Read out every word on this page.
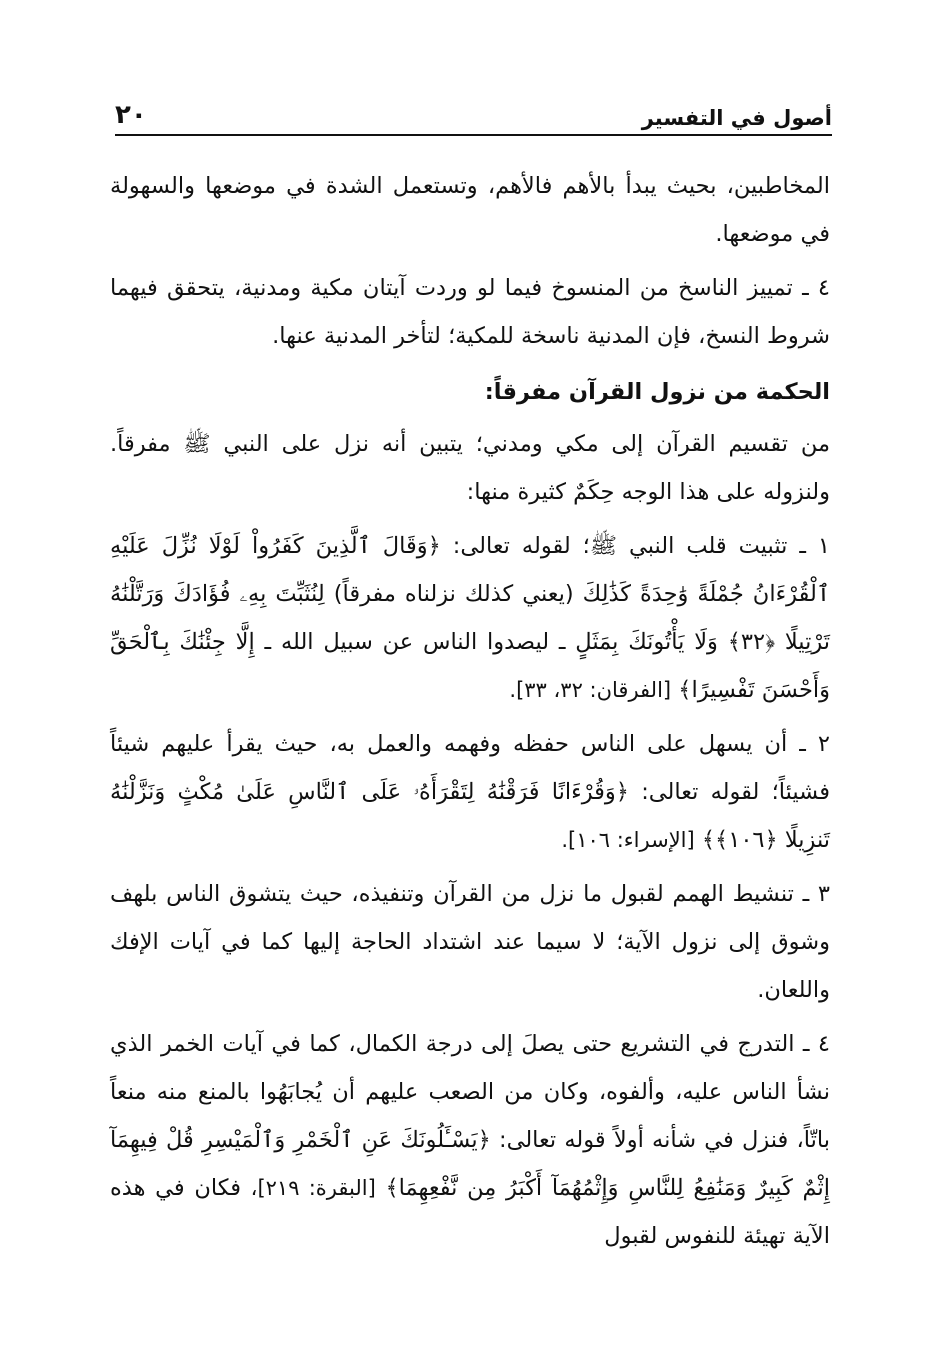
أصول في التفسير
٢٠

المخاطبين، بحيث يبدأ بالأهم فالأهم، وتستعمل الشدة في موضعها والسهولة في موضعها.

٤ ـ تمييز الناسخ من المنسوخ فيما لو وردت آيتان مكية ومدنية، يتحقق فيهما شروط النسخ، فإن المدنية ناسخة للمكية؛ لتأخر المدنية عنها.

الحكمة من نزول القرآن مفرقاً:

من تقسيم القرآن إلى مكي ومدني؛ يتبين أنه نزل على النبي ﷺ مفرقاً. ولنزوله على هذا الوجه حِكَمٌ كثيرة منها:

١ ـ تثبيت قلب النبي ﷺ؛ لقوله تعالى: ﴿وَقَالَ ٱلَّذِينَ كَفَرُواْ لَوْلَا نُزِّلَ عَلَيْهِ ٱلْقُرْءَانُ جُمْلَةً وَٰحِدَةً كَذَٰلِكَ (يعني كذلك نزلناه مفرقاً) لِنُثَبِّتَ بِهِۦ فُؤَادَكَ وَرَتَّلْنَٰهُ تَرْتِيلًا ﴿٣٢﴾ وَلَا يَأْتُونَكَ بِمَثَلٍ ـ ليصدوا الناس عن سبيل الله ـ إِلَّا جِئْنَٰكَ بِٱلْحَقِّ وَأَحْسَنَ تَفْسِيرًا﴾ [الفرقان: ٣٢، ٣٣].

٢ ـ أن يسهل على الناس حفظه وفهمه والعمل به، حيث يقرأ عليهم شيئاً فشيئاً؛ لقوله تعالى: ﴿وَقُرْءَانًا فَرَقْنَٰهُ لِتَقْرَأَهُۥ عَلَى ٱلنَّاسِ عَلَىٰ مُكْثٍ وَنَزَّلْنَٰهُ تَنزِيلًا ﴿١٠٦﴾﴾ [الإسراء: ١٠٦].

٣ ـ تنشيط الهمم لقبول ما نزل من القرآن وتنفيذه، حيث يتشوق الناس بلهف وشوق إلى نزول الآية؛ لا سيما عند اشتداد الحاجة إليها كما في آيات الإفك واللعان.

٤ ـ التدرج في التشريع حتى يصلَ إلى درجة الكمال، كما في آيات الخمر الذي نشأ الناس عليه، وألفوه، وكان من الصعب عليهم أن يُجابَهُوا بالمنع منه منعاً باتّاً، فنزل في شأنه أولاً قوله تعالى: ﴿يَسْـَٔلُونَكَ عَنِ ٱلْخَمْرِ وَٱلْمَيْسِرِ قُلْ فِيهِمَآ إِثْمٌ كَبِيرٌ وَمَنَٰفِعُ لِلنَّاسِ وَإِثْمُهُمَآ أَكْبَرُ مِن نَّفْعِهِمَا﴾ [البقرة: ٢١٩]، فكان في هذه الآية تهيئة للنفوس لقبول
